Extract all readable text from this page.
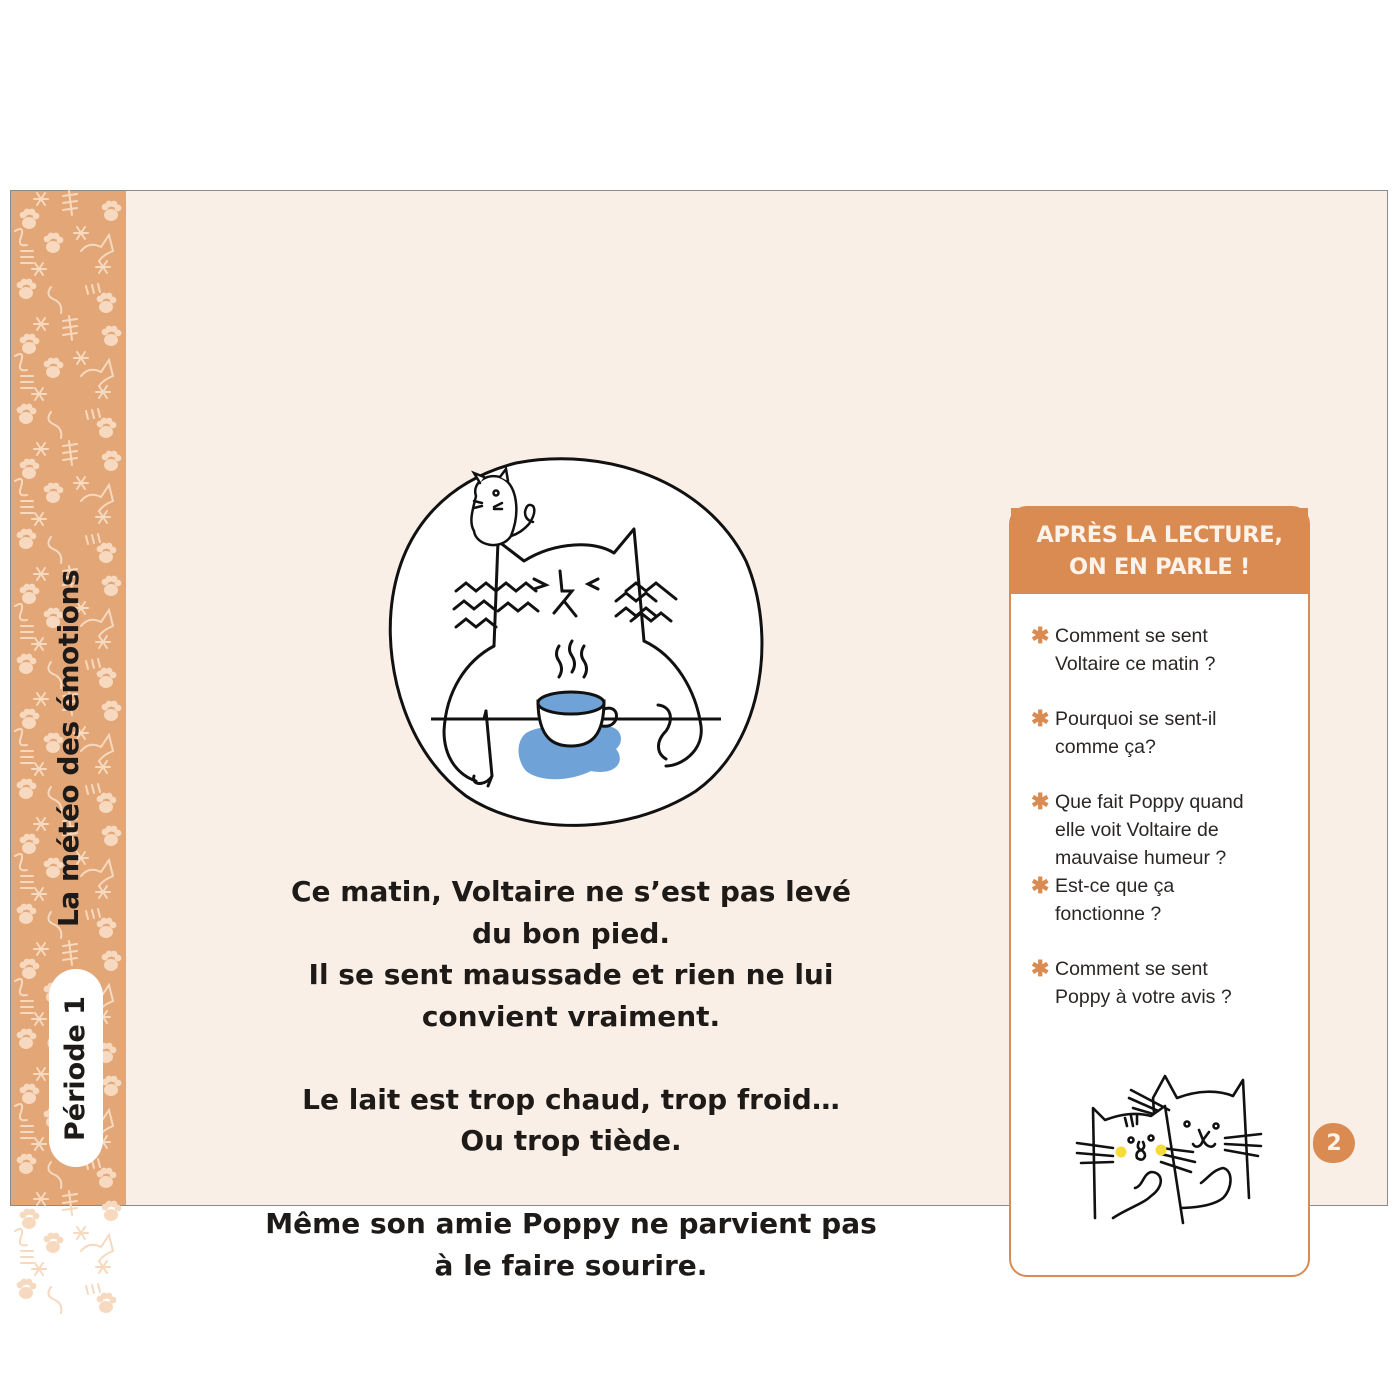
La météo des émotions
Période 1

Ce matin, Voltaire ne s’est pas levé
du bon pied.
Il se sent maussade et rien ne lui
convient vraiment.

Le lait est trop chaud, trop froid…
Ou trop tiède.

Même son amie Poppy ne parvient pas
à le faire sourire.

APRÈS LA LECTURE,
ON EN PARLE !
✱ Comment se sent
Voltaire ce matin ?
✱ Pourquoi se sent-il
comme ça?
✱ Que fait Poppy quand
elle voit Voltaire de
mauvaise humeur ?
✱ Est-ce que ça
fonctionne ?
✱ Comment se sent
Poppy à votre avis ?
2
